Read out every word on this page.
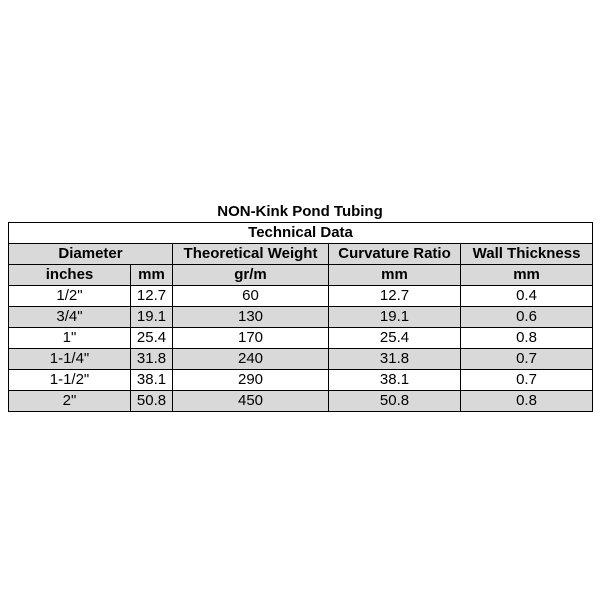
NON-Kink Pond Tubing
Technical Data				
Diameter		Theoretical Weight	Curvature Ratio	Wall Thickness
inches	mm	gr/m	mm	mm
1/2"	12.7	60	12.7	0.4
3/4"	19.1	130	19.1	0.6
1"	25.4	170	25.4	0.8
1-1/4"	31.8	240	31.8	0.7
1-1/2"	38.1	290	38.1	0.7
2"	50.8	450	50.8	0.8
